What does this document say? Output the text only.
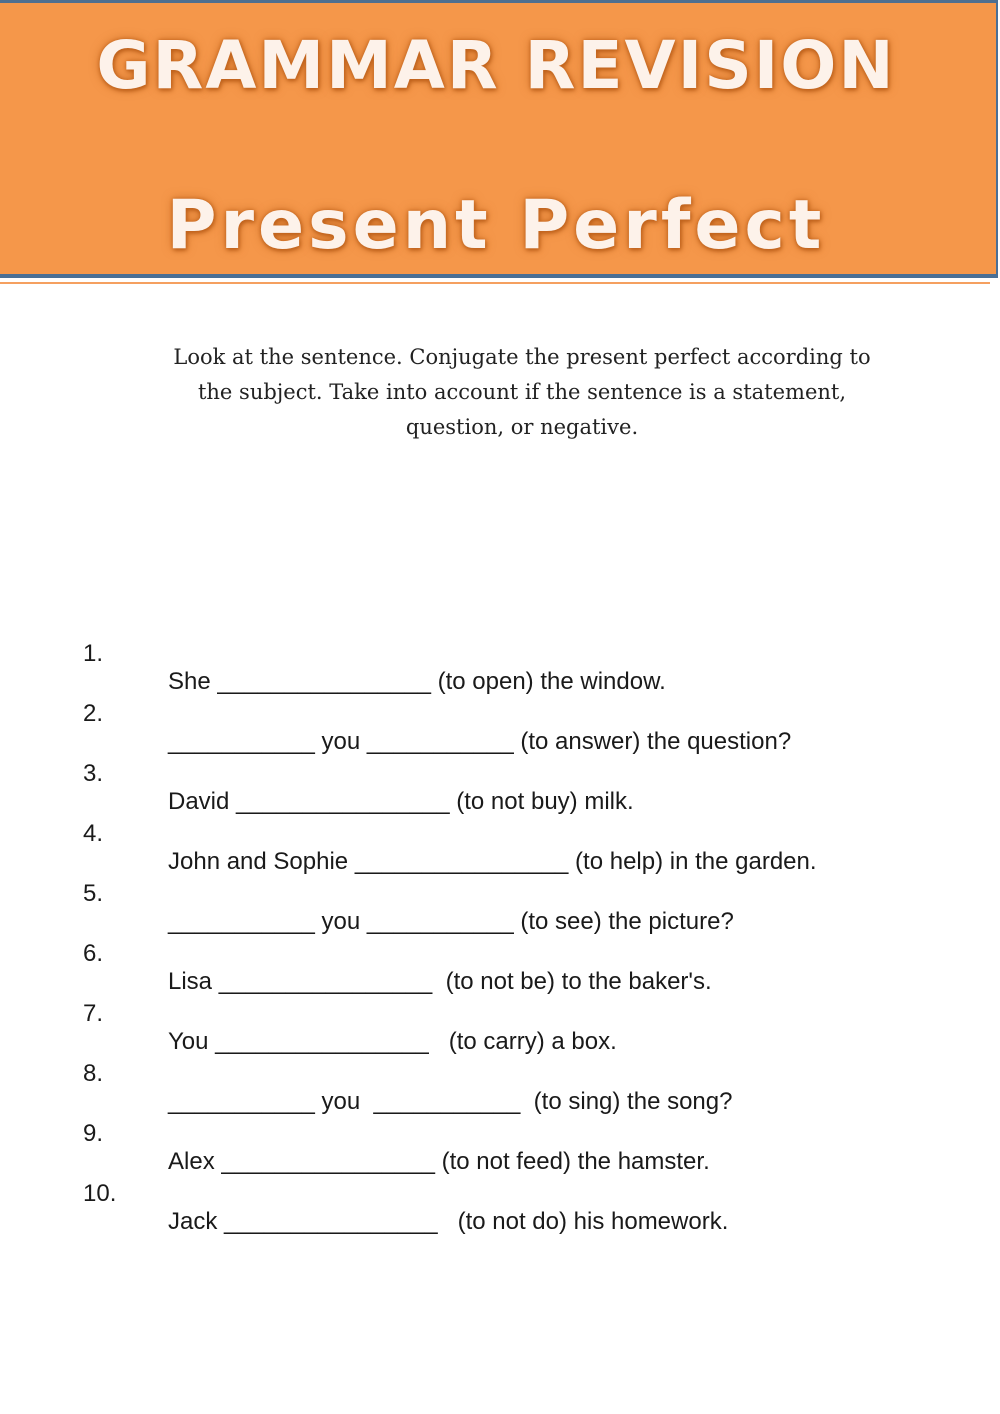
GRAMMAR REVISION
Present Perfect
Look at the sentence. Conjugate the present perfect according to the subject. Take into account if the sentence is a statement, question, or negative.

1.

She ________________ (to open) the window.

2.

___________ you ___________ (to answer) the question?

3.

David ________________ (to not buy) milk.

4.

John and Sophie ________________ (to help) in the garden.

5.

___________ you ___________ (to see) the picture?

6.

Lisa ________________  (to not be) to the baker's.

7.

You ________________   (to carry) a box.

8.

___________ you  ___________  (to sing) the song?

9.

Alex ________________ (to not feed) the hamster.

10.

Jack ________________   (to not do) his homework.
